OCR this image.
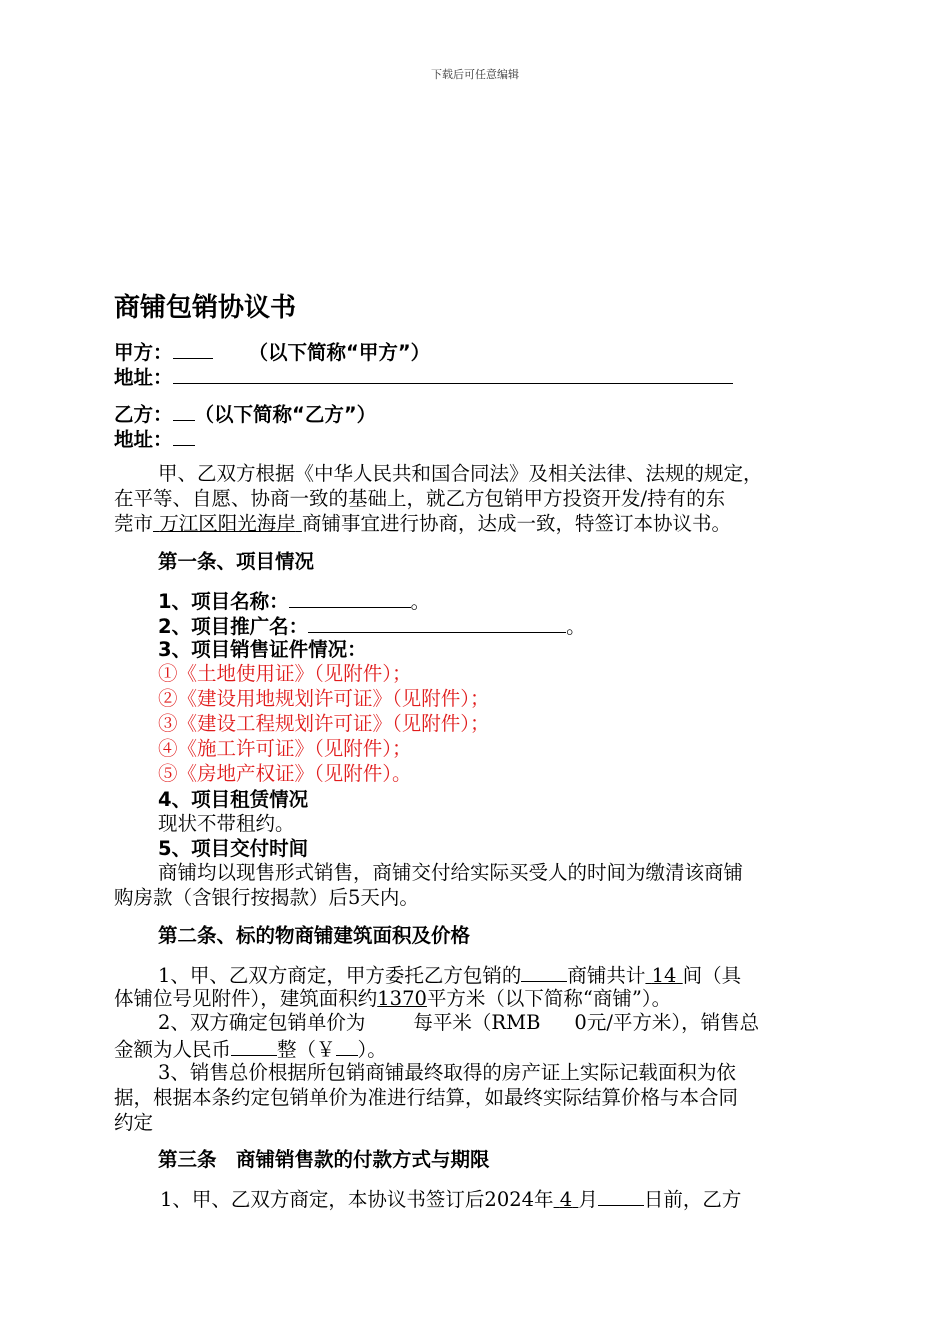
下载后可任意编辑
商铺包销协议书
甲方：	（以下简称“甲方”）
地址：
乙方： （以下简称“乙方”）
地址：
甲、乙双方根据《中华人民共和国合同法》及相关法律、法规的规定，
在平等、自愿、协商一致的基础上，就乙方包销甲方投资开发/持有的东
莞市 万江区阳光海岸 商铺事宜进行协商，达成一致，特签订本协议书。
第一条、项目情况
1、项目名称：	。
2、项目推广名：	。
3、项目销售证件情况：
①《土地使用证》（见附件）；
②《建设用地规划许可证》（见附件）；
③《建设工程规划许可证》（见附件）；
④《施工许可证》（见附件）；
⑤《房地产权证》（见附件）。
4、项目租赁情况
现状不带租约。
5、项目交付时间
商铺均以现售形式销售，商铺交付给实际买受人的时间为缴清该商铺
购房款（含银行按揭款）后5天内。
第二条、标的物商铺建筑面积及价格
1、甲、乙双方商定，甲方委托乙方包销的 商铺共计 14 间（具
体铺位号见附件），建筑面积约1370平方米（以下简称“商铺”）。
2、双方确定包销单价为 每平米（RMB 0元/平方米），销售总
金额为人民币 整（￥ ）。
3、销售总价根据所包销商铺最终取得的房产证上实际记载面积为依
据，根据本条约定包销单价为准进行结算，如最终实际结算价格与本合同
约定
第三条　商铺销售款的付款方式与期限
1、甲、乙双方商定，本协议书签订后2024年 4 月 日前，乙方
